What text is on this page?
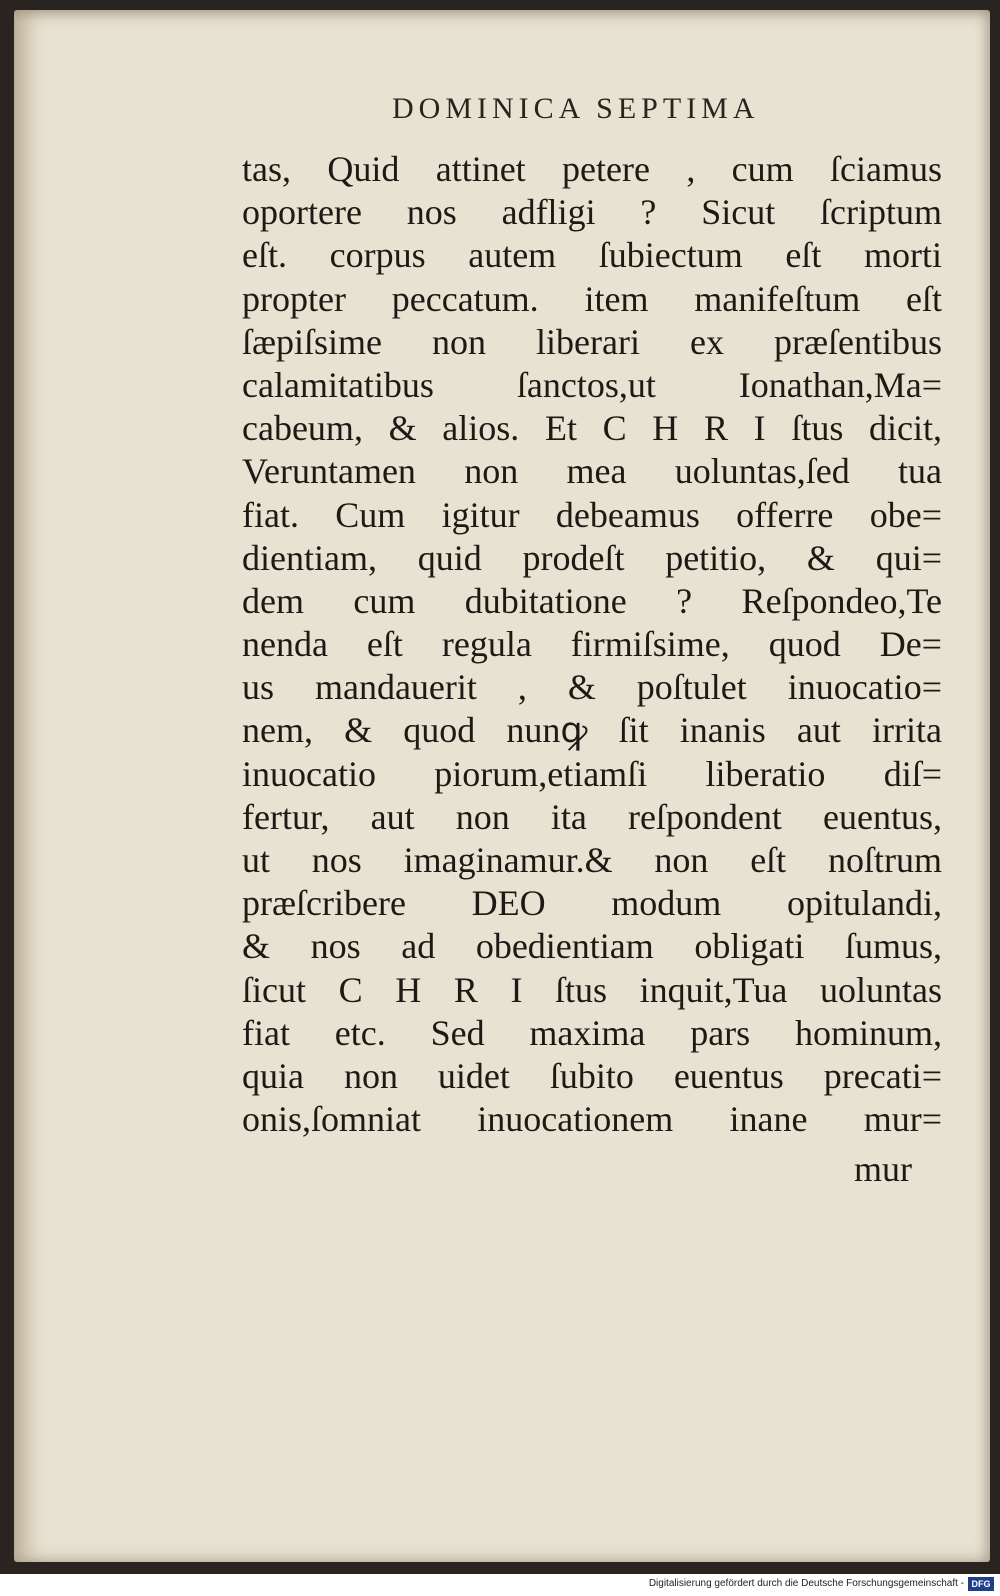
DOMINICA SEPTIMA
tas, Quid attinet petere , cum ſciamus
oportere nos adfligi ? Sicut ſcriptum
eſt. corpus autem ſubiectum eſt morti
propter peccatum. item manifeſtum eſt
ſæpiſsime non liberari ex præſentibus
calamitatibus ſanctos,ut Ionathan,Ma=
cabeum, & alios. Et C H R I ſtus dicit,
Veruntamen non mea uoluntas,ſed tua
fiat. Cum igitur debeamus offerre obe=
dientiam, quid prodeſt petitio, & qui=
dem cum dubitatione ? Reſpondeo,Te
nenda eſt regula firmiſsime, quod De=
us mandauerit , & poſtulet inuocatio=
nem, & quod nunꝙ ſit inanis aut irrita
inuocatio piorum,etiamſi liberatio diſ=
fertur, aut non ita reſpondent euentus,
ut nos imaginamur.& non eſt noſtrum
præſcribere DEO modum opitulandi,
& nos ad obedientiam obligati ſumus,
ſicut C H R I ſtus inquit,Tua uoluntas
fiat etc. Sed maxima pars hominum,
quia non uidet ſubito euentus precati=
onis,ſomniat inuocationem inane mur=
mur
Digitalisierung gefördert durch die Deutsche Forschungsgemeinschaft - DFG
